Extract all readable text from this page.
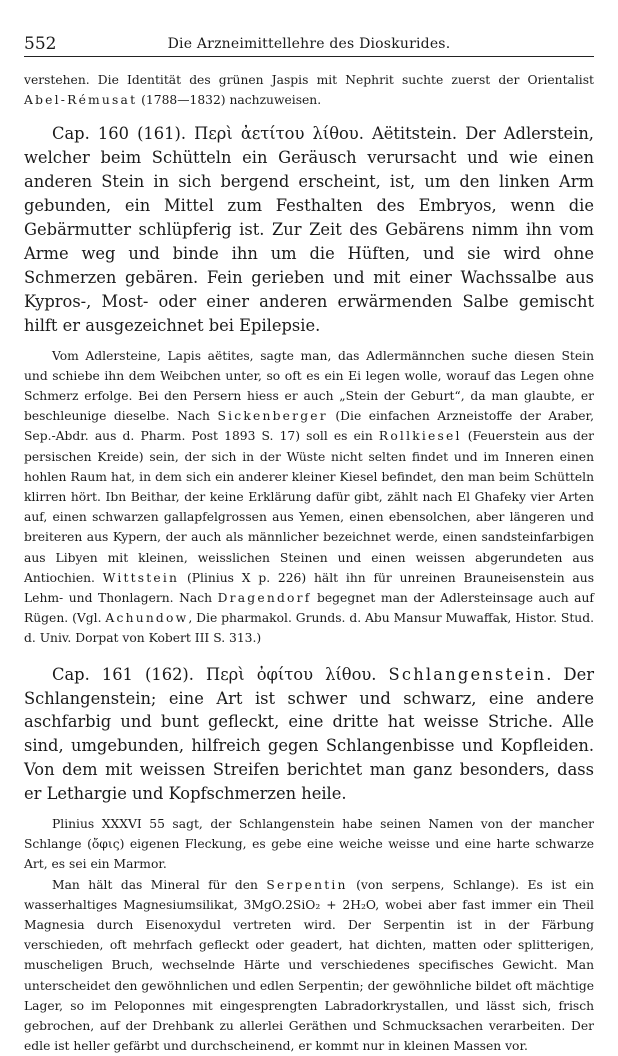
552	Die Arzneimittellehre des Dioskurides.

verstehen. Die Identität des grünen Jaspis mit Nephrit suchte zuerst der Orientalist Abel-Rémusat (1788—1832) nachzuweisen.

Cap. 160 (161). Περὶ ἀετίτου λίθου. Aëtitstein. Der Adlerstein, welcher beim Schütteln ein Geräusch verursacht und wie einen anderen Stein in sich bergend erscheint, ist, um den linken Arm gebunden, ein Mittel zum Festhalten des Embryos, wenn die Gebärmutter schlüpferig ist. Zur Zeit des Gebärens nimm ihn vom Arme weg und binde ihn um die Hüften, und sie wird ohne Schmerzen gebären. Fein gerieben und mit einer Wachssalbe aus Kypros-, Most- oder einer anderen erwärmenden Salbe gemischt hilft er ausgezeichnet bei Epilepsie.

Vom Adlersteine, Lapis aëtites, sagte man, das Adlermännchen suche diesen Stein und schiebe ihn dem Weibchen unter, so oft es ein Ei legen wolle, worauf das Legen ohne Schmerz erfolge. Bei den Persern hiess er auch „Stein der Geburt“, da man glaubte, er beschleunige dieselbe. Nach Sickenberger (Die einfachen Arzneistoffe der Araber, Sep.-Abdr. aus d. Pharm. Post 1893 S. 17) soll es ein Rollkiesel (Feuerstein aus der persischen Kreide) sein, der sich in der Wüste nicht selten findet und im Inneren einen hohlen Raum hat, in dem sich ein anderer kleiner Kiesel befindet, den man beim Schütteln klirren hört. Ibn Beithar, der keine Erklärung dafür gibt, zählt nach El Ghafeky vier Arten auf, einen schwarzen gallapfelgrossen aus Yemen, einen ebensolchen, aber längeren und breiteren aus Kypern, der auch als männlicher bezeichnet werde, einen sandsteinfarbigen aus Libyen mit kleinen, weisslichen Steinen und einen weissen abgerundeten aus Antiochien. Wittstein (Plinius X p. 226) hält ihn für unreinen Brauneisenstein aus Lehm- und Thonlagern. Nach Dragendorf begegnet man der Adlersteinsage auch auf Rügen. (Vgl. Achundow, Die pharmakol. Grunds. d. Abu Mansur Muwaffak, Histor. Stud. d. Univ. Dorpat von Kobert III S. 313.)

Cap. 161 (162). Περὶ ὀφίτου λίθου. Schlangenstein. Der Schlangenstein; eine Art ist schwer und schwarz, eine andere aschfarbig und bunt gefleckt, eine dritte hat weisse Striche. Alle sind, umgebunden, hilfreich gegen Schlangenbisse und Kopfleiden. Von dem mit weissen Streifen berichtet man ganz besonders, dass er Lethargie und Kopfschmerzen heile.

Plinius XXXVI 55 sagt, der Schlangenstein habe seinen Namen von der mancher Schlange (ὄφις) eigenen Fleckung, es gebe eine weiche weisse und eine harte schwarze Art, es sei ein Marmor.

Man hält das Mineral für den Serpentin (von serpens, Schlange). Es ist ein wasserhaltiges Magnesiumsilikat, 3MgO.2SiO₂ + 2H₂O, wobei aber fast immer ein Theil Magnesia durch Eisenoxydul vertreten wird. Der Serpentin ist in der Färbung verschieden, oft mehrfach gefleckt oder geadert, hat dichten, matten oder splitterigen, muscheligen Bruch, wechselnde Härte und verschiedenes specifisches Gewicht. Man unterscheidet den gewöhnlichen und edlen Serpentin; der gewöhnliche bildet oft mächtige Lager, so im Peloponnes mit eingesprengten Labradorkrystallen, und lässt sich, frisch gebrochen, auf der Drehbank zu allerlei Geräthen und Schmucksachen verarbeiten. Der edle ist heller gefärbt und durchscheinend, er kommt nur in kleinen Massen vor.
